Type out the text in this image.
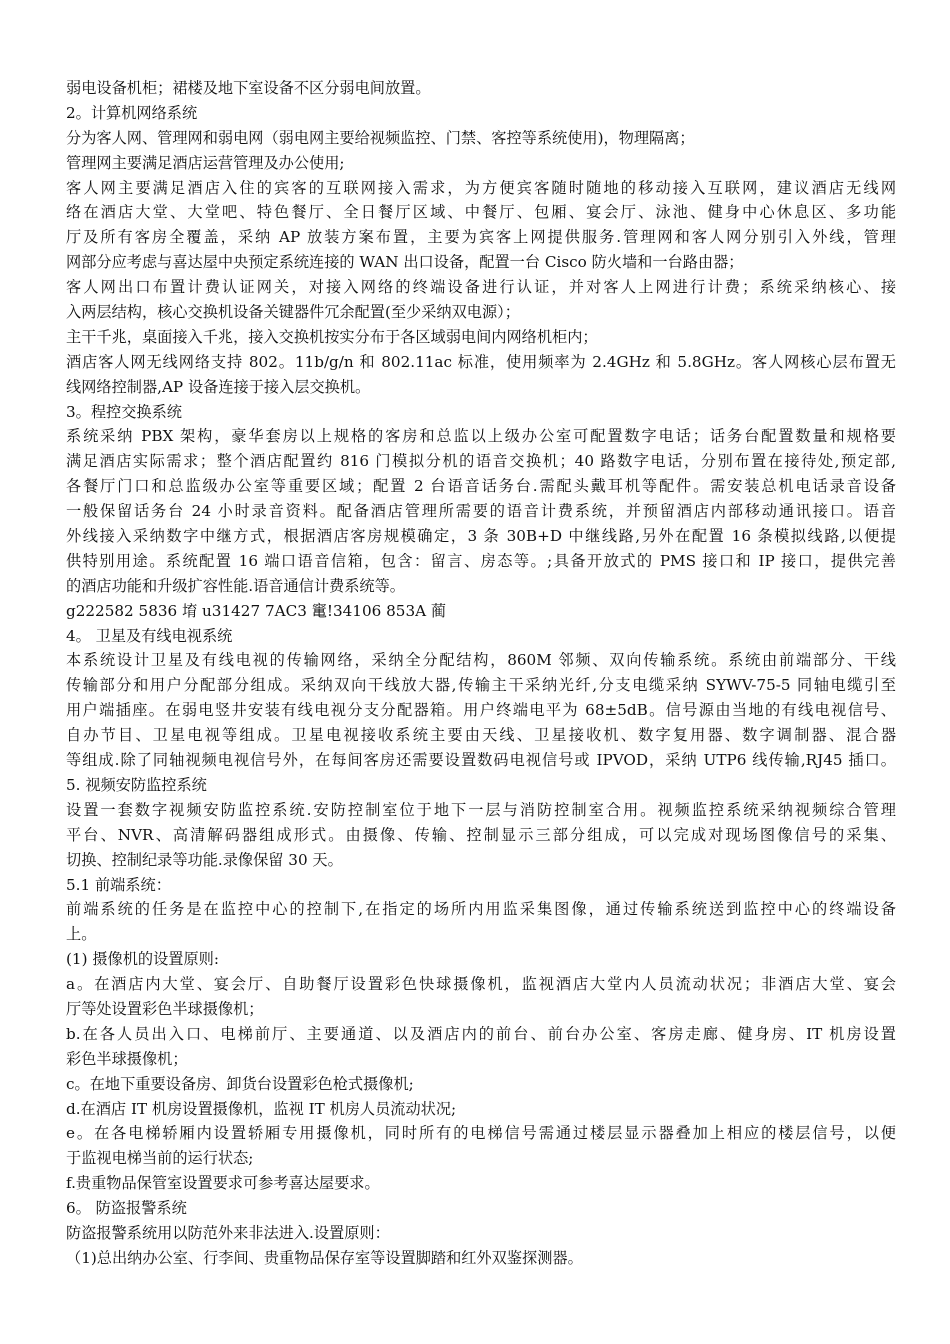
弱电设备机柜；裙楼及地下室设备不区分弱电间放置。
2。计算机网络系统
分为客人网、管理网和弱电网（弱电网主要给视频监控、门禁、客控等系统使用)，物理隔离；
管理网主要满足酒店运营管理及办公使用;
客人网主要满足酒店入住的宾客的互联网接入需求，为方便宾客随时随地的移动接入互联网，建议酒店无线网
络在酒店大堂、大堂吧、特色餐厅、全日餐厅区域、中餐厅、包厢、宴会厅、泳池、健身中心休息区、多功能
厅及所有客房全覆盖，采纳 AP 放装方案布置，主要为宾客上网提供服务.管理网和客人网分别引入外线，管理
网部分应考虑与喜达屋中央预定系统连接的 WAN 出口设备，配置一台 Cisco 防火墙和一台路由器；
客人网出口布置计费认证网关，对接入网络的终端设备进行认证，并对客人上网进行计费；系统采纳核心、接
入两层结构，核心交换机设备关键器件冗余配置(至少采纳双电源）；
主干千兆，桌面接入千兆，接入交换机按实分布于各区域弱电间内网络机柜内；
酒店客人网无线网络支持 802。11b/g/n 和 802.11ac 标准，使用频率为 2.4GHz 和 5.8GHz。客人网核心层布置无
线网络控制器,AP 设备连接于接入层交换机。
3。程控交换系统
系统采纳 PBX 架构，豪华套房以上规格的客房和总监以上级办公室可配置数字电话；话务台配置数量和规格要
满足酒店实际需求；整个酒店配置约 816 门模拟分机的语音交换机；40 路数字电话，分别布置在接待处,预定部,
各餐厅门口和总监级办公室等重要区域；配置 2 台语音话务台.需配头戴耳机等配件。需安装总机电话录音设备
一般保留话务台 24 小时录音资料。配备酒店管理所需要的语音计费系统，并预留酒店内部移动通讯接口。语音
外线接入采纳数字中继方式，根据酒店客房规模确定，3 条 30B+D 中继线路,另外在配置 16 条模拟线路,以便提
供特别用途。系统配置 16 端口语音信箱，包含：留言、房态等。;具备开放式的 PMS 接口和 IP 接口，提供完善
的酒店功能和升级扩容性能.语音通信计费系统等。
g222582 5836 堉 u31427 7AC3 竃!34106 853A 蔺
4。 卫星及有线电视系统
本系统设计卫星及有线电视的传输网络，采纳全分配结构，860M 邻频、双向传输系统。系统由前端部分、干线
传输部分和用户分配部分组成。采纳双向干线放大器,传输主干采纳光纤,分支电缆采纳 SYWV-75-5 同轴电缆引至
用户端插座。在弱电竖井安装有线电视分支分配器箱。用户终端电平为 68±5dB。信号源由当地的有线电视信号、
自办节目、卫星电视等组成。卫星电视接收系统主要由天线、卫星接收机、数字复用器、数字调制器、混合器
等组成.除了同轴视频电视信号外，在每间客房还需要设置数码电视信号或 IPVOD，采纳 UTP6 线传输,RJ45 插口。
5. 视频安防监控系统
设置一套数字视频安防监控系统.安防控制室位于地下一层与消防控制室合用。视频监控系统采纳视频综合管理
平台、NVR、高清解码器组成形式。由摄像、传输、控制显示三部分组成，可以完成对现场图像信号的采集、
切换、控制纪录等功能.录像保留 30 天。
5.1 前端系统：
前端系统的任务是在监控中心的控制下,在指定的场所内用监采集图像，通过传输系统送到监控中心的终端设备
上。
(1) 摄像机的设置原则:
a。在酒店内大堂、宴会厅、自助餐厅设置彩色快球摄像机，监视酒店大堂内人员流动状况；非酒店大堂、宴会
厅等处设置彩色半球摄像机；
b.在各人员出入口、电梯前厅、主要通道、以及酒店内的前台、前台办公室、客房走廊、健身房、IT 机房设置
彩色半球摄像机；
c。在地下重要设备房、卸货台设置彩色枪式摄像机;
d.在酒店 IT 机房设置摄像机，监视 IT 机房人员流动状况;
e。在各电梯轿厢内设置轿厢专用摄像机，同时所有的电梯信号需通过楼层显示器叠加上相应的楼层信号，以便
于监视电梯当前的运行状态;
f.贵重物品保管室设置要求可参考喜达屋要求。
6。 防盗报警系统
防盗报警系统用以防范外来非法进入.设置原则：
（1)总出纳办公室、行李间、贵重物品保存室等设置脚踏和红外双鉴探测器。
